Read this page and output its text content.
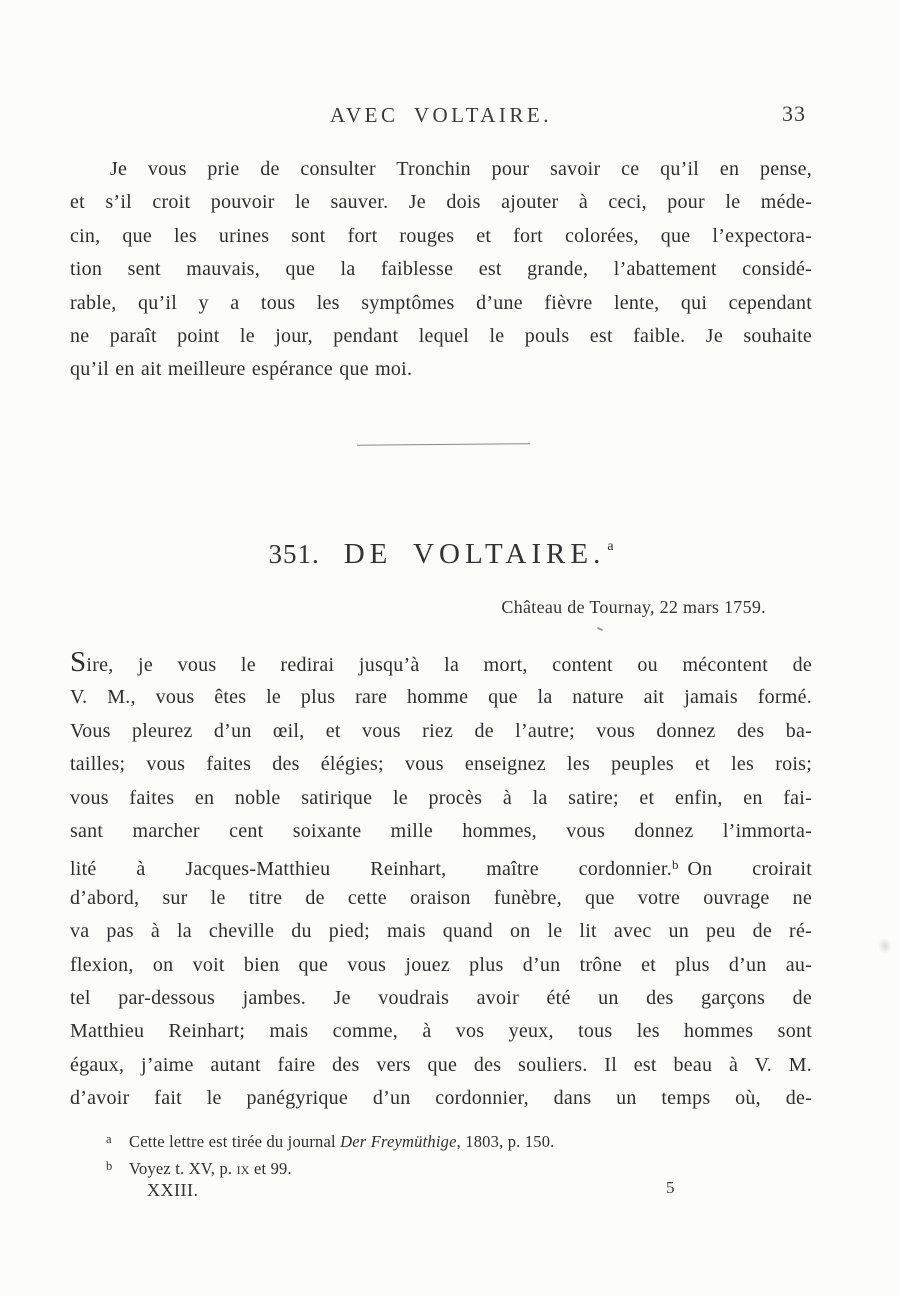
AVEC VOLTAIRE.	33
Je vous prie de consulter Tronchin pour savoir ce qu’il en pense,
et s’il croit pouvoir le sauver. Je dois ajouter à ceci, pour le méde-
cin, que les urines sont fort rouges et fort colorées, que l’expectora-
tion sent mauvais, que la faiblesse est grande, l’abattement considé-
rable, qu’il y a tous les symptômes d’une fièvre lente, qui cependant
ne paraît point le jour, pendant lequel le pouls est faible. Je souhaite
qu’il en ait meilleure espérance que moi.
351. DE VOLTAIRE. a
Château de Tournay, 22 mars 1759.
Sire, je vous le redirai jusqu’à la mort, content ou mécontent de
V. M., vous êtes le plus rare homme que la nature ait jamais formé.
Vous pleurez d’un œil, et vous riez de l’autre; vous donnez des ba-
tailles; vous faites des élégies; vous enseignez les peuples et les rois;
vous faites en noble satirique le procès à la satire; et enfin, en fai-
sant marcher cent soixante mille hommes, vous donnez l’immorta-
lité à Jacques-Matthieu Reinhart, maître cordonnier.$^b$ On croirait
d’abord, sur le titre de cette oraison funèbre, que votre ouvrage ne
va pas à la cheville du pied; mais quand on le lit avec un peu de ré-
flexion, on voit bien que vous jouez plus d’un trône et plus d’un au-
tel par-dessous jambes. Je voudrais avoir été un des garçons de
Matthieu Reinhart; mais comme, à vos yeux, tous les hommes sont
égaux, j’aime autant faire des vers que des souliers. Il est beau à V. M.
d’avoir fait le panégyrique d’un cordonnier, dans un temps où, de-
a Cette lettre est tirée du journal Der Freymüthige, 1803, p. 150.
b Voyez t. XV, p. ix et 99.
XXIII.	5
